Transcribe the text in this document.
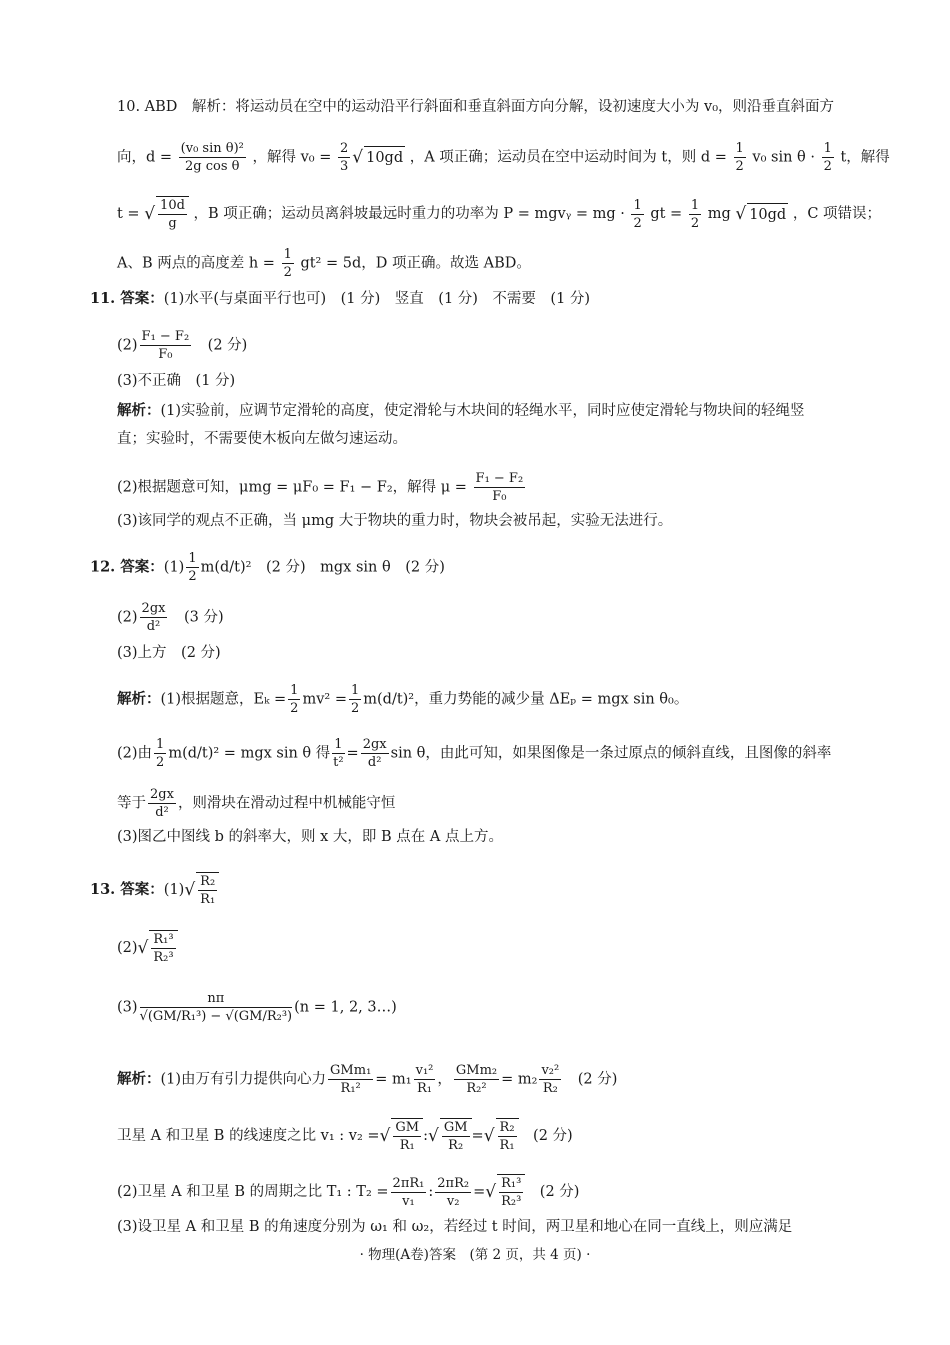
10. ABD　解析：将运动员在空中的运动沿平行斜面和垂直斜面方向分解，设初速度大小为 v₀，则沿垂直斜面方
向，$d = \frac{\text{(v₀ sin θ)²}}{\text{2g cos θ}}$ ，解得 $v_0 = \frac{2}{3}$ √ 10gd ，A 项正确；运动员在空中运动时间为 t，则 $d = \frac{1}{2} v_0$ $\sin \theta \cdot \frac{1}{2}$ t，解得
t = √ $\frac{10d}{g}$ ，B 项正确；运动员离斜坡最远时重力的功率为 P = mgvᵧ = mg · $\frac{1}{2}$ gt = $\frac{1}{2}$ mg √ 10gd ，C 项错误；
A、B 两点的高度差 $h = \frac{1}{2} gt^2 = 5d$，D 项正确。故选 ABD。
11. 答案：(1)水平(与桌面平行也可)　(1 分)　竖直　(1 分)　不需要　(1 分)
$(2) \frac{\text{F₁ − F₂}}{\text{F₀}}$ 　(2 分)
(3)不正确　(1 分)
解析：(1)实验前，应调节定滑轮的高度，使定滑轮与木块间的轻绳水平，同时应使定滑轮与物块间的轻绳竖
直；实验时，不需要使木板向左做匀速运动。
(2)根据题意可知，μmg = μF₀ = F₁ − F₂，解得 $\mu = \frac{\text{F₁ − F₂}}{\text{F₀}}$
(3)该同学的观点不正确，当 μmg 大于物块的重力时，物块会被吊起，实验无法进行。
12. 答案：$(1) \frac{1}{2} m(d/t)^2$　(2 分)　mgx sin θ　(2 分)
$(2) \frac{2gx}{\text{d²}}$ 　(3 分)
(3)上方　(2 分)
解析：(1)根据题意，$E_k = \frac{1}{2} mv^2 = \frac{1}{2} m(d/t)^2$，重力势能的减少量 ΔEₚ = mgx sin θ₀。
(2)由 $\frac{1}{2} m(d/t)^2$ = mgx sin θ 得 $\frac{1}{\text{t²}} = \frac{2gx}{\text{d²}}$ sin θ，由此可知，如果图像是一条过原点的倾斜直线，且图像的斜率
等于 $\frac{2gx}{\text{d²}}$ ，则滑块在滑动过程中机械能守恒
(3)图乙中图线 b 的斜率大，则 x 大，即 B 点在 A 点上方。
13. 答案：$(1)√ \frac{\text{R₂}}{\text{R₁}}$
$(2)√ \frac{\text{R₁³}}{\text{R₂³}}$
$(3) \frac{n\pi}{\text{√(GM/R₁³) − √(GM/R₂³)}} (n = 1$, 2, 3…)
解析：(1)由万有引力提供向心力 $\frac{\text{GMm₁}}{\text{R₁²}} = m_1 \frac{\text{v₁²}}{\text{R₁}}$ ， $\frac{\text{GMm₂}}{\text{R₂²}} = m_2 \frac{\text{v₂²}}{\text{R₂}}$ 　(2 分)
卫星 A 和卫星 B 的线速度之比 v₁ : v₂ =√ $\frac{GM}{\text{R₁}}$ :√ $\frac{GM}{\text{R₂}}$ =√ $\frac{\text{R₂}}{\text{R₁}}$ 　(2 分)
(2)卫星 A 和卫星 B 的周期之比 T₁ : $T_2 = \frac{\text{2πR₁}}{\text{v₁}}$ : $\frac{\text{2πR₂}}{\text{v₂}}$ =√ $\frac{\text{R₁³}}{\text{R₂³}}$ 　(2 分)
(3)设卫星 A 和卫星 B 的角速度分别为 ω₁ 和 ω₂，若经过 t 时间，两卫星和地心在同一直线上，则应满足
· 物理(A卷)答案　(第 2 页，共 4 页) ·
